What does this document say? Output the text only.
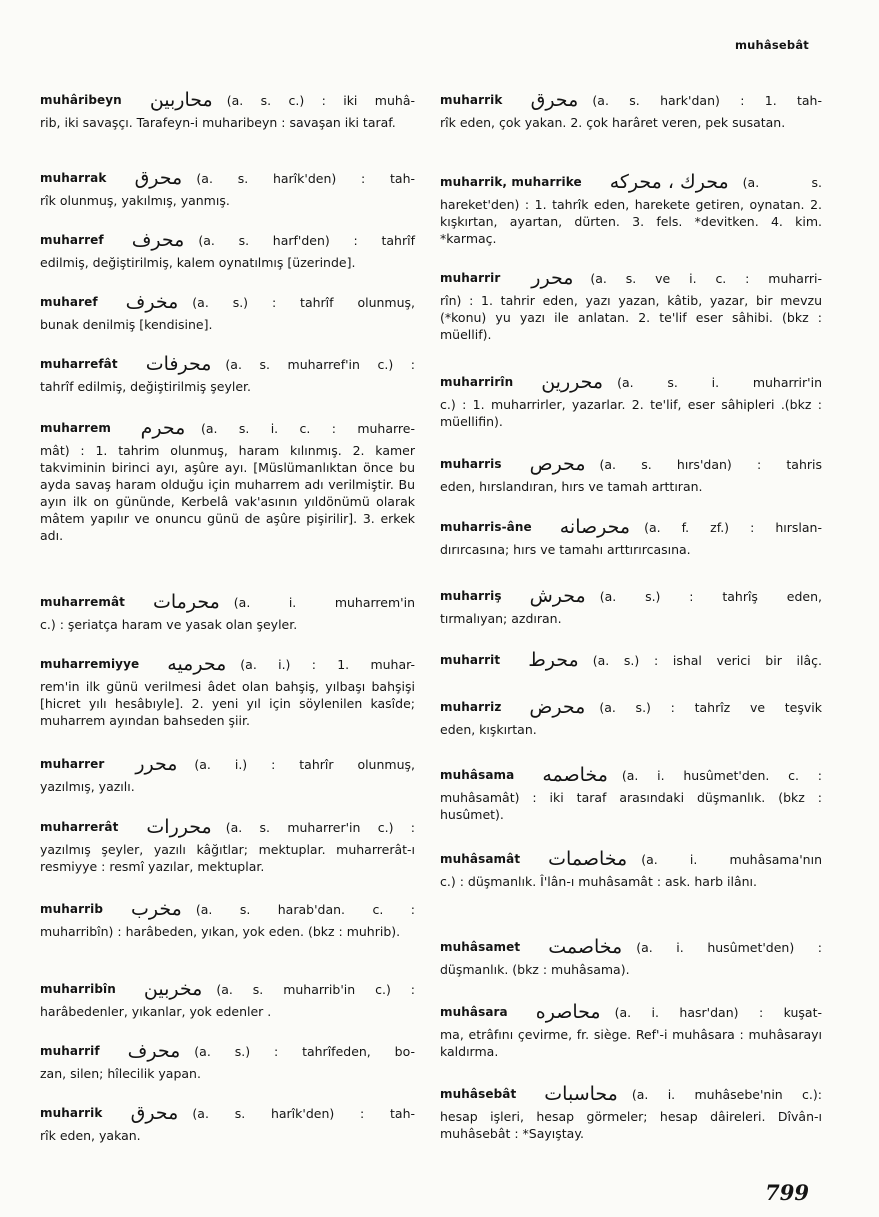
muhâsebât
muhâribeyn محاربين (a. s. c.) : iki muhâ-
rib, iki savaşçı. Tarafeyn-i muharibeyn : savaşan iki taraf.
muharrak محرق (a. s. harîk'den) : tah-
rîk olunmuş, yakılmış, yanmış.
muharref محرف (a. s. harf'den) : tahrîf
edilmiş, değiştirilmiş, kalem oynatılmış [üzerinde].
muharef مخرف (a. s.) : tahrîf olunmuş,
bunak denilmiş [kendisine].
muharrefât محرفات (a. s. muharref'in c.) :
tahrîf edilmiş, değiştirilmiş şeyler.
muharrem محرم (a. s. i. c. : muharre-
mât) : 1. tahrim olunmuş, haram kılınmış. 2. kamer takviminin birinci ayı, aşûre ayı. [Müslümanlıktan önce bu ayda savaş haram olduğu için muharrem adı verilmiştir. Bu ayın ilk on gününde, Kerbelâ vak'asının yıldönümü olarak mâtem yapılır ve onuncu günü de aşûre pişirilir]. 3. erkek adı.
muharremât محرمات (a. i. muharrem'in
c.) : şeriatça haram ve yasak olan şeyler.
muharremiyye محرمیه (a. i.) : 1. muhar-
rem'in ilk günü verilmesi âdet olan bahşiş, yılbaşı bahşişi [hicret yılı hesâbıyle]. 2. yeni yıl için söylenilen kasîde; muharrem ayından bahseden şiir.
muharrer محرر (a. i.) : tahrîr olunmuş,
yazılmış, yazılı.
muharrerât محررات (a. s. muharrer'in c.) :
yazılmış şeyler, yazılı kâğıtlar; mektuplar. muharrerât-ı resmiyye : resmî yazılar, mektuplar.
muharrib مخرب (a. s. harab'dan. c. :
muharribîn) : harâbeden, yıkan, yok eden. (bkz : muhrib).
muharribîn مخربين (a. s. muharrib'in c.) :
harâbedenler, yıkanlar, yok edenler .
muharrif محرف (a. s.) : tahrîfeden, bo-
zan, silen; hîlecilik yapan.
muharrik محرق (a. s. harîk'den) : tah-
rîk eden, yakan.
muharrik محرق (a. s. hark'dan) : 1. tah-
rîk eden, çok yakan. 2. çok harâret veren, pek susatan.
muharrik, muharrike محرك ، محركه (a. s.
hareket'den) : 1. tahrîk eden, harekete getiren, oynatan. 2. kışkırtan, ayartan, dürten. 3. fels. *devitken. 4. kim. *karmaç.
muharrir محرر (a. s. ve i. c. : muharri-
rîn) : 1. tahrir eden, yazı yazan, kâtib, yazar, bir mevzu (*konu) yu yazı ile anlatan. 2. te'lif eser sâhibi. (bkz : müellif).
muharrirîn محررين (a. s. i. muharrir'in
c.) : 1. muharrirler, yazarlar. 2. te'lif, eser sâhipleri .(bkz : müellifin).
muharris محرص (a. s. hırs'dan) : tahris
eden, hırslandıran, hırs ve tamah arttıran.
muharris-âne محرصانه (a. f. zf.) : hırslan-
dırırcasına; hırs ve tamahı arttırırcasına.
muharriş محرش (a. s.) : tahrîş eden,
tırmalıyan; azdıran.
muharrit محرط (a. s.) : ishal verici bir ilâç.
muharriz محرض (a. s.) : tahrîz ve teşvik
eden, kışkırtan.
muhâsama مخاصمه (a. i. husûmet'den. c. :
muhâsamât) : iki taraf arasındaki düşmanlık. (bkz : husûmet).
muhâsamât مخاصمات (a. i. muhâsama'nın
c.) : düşmanlık. Î'lân-ı muhâsamât : ask. harb ilânı.
muhâsamet مخاصمت (a. i. husûmet'den) :
düşmanlık. (bkz : muhâsama).
muhâsara محاصره (a. i. hasr'dan) : kuşat-
ma, etrâfını çevirme, fr. siège. Ref'-i muhâsara : muhâsarayı kaldırma.
muhâsebât محاسبات (a. i. muhâsebe'nin c.):
hesap işleri, hesap görmeler; hesap dâireleri. Dîvân-ı muhâsebât : *Sayıştay.
799
